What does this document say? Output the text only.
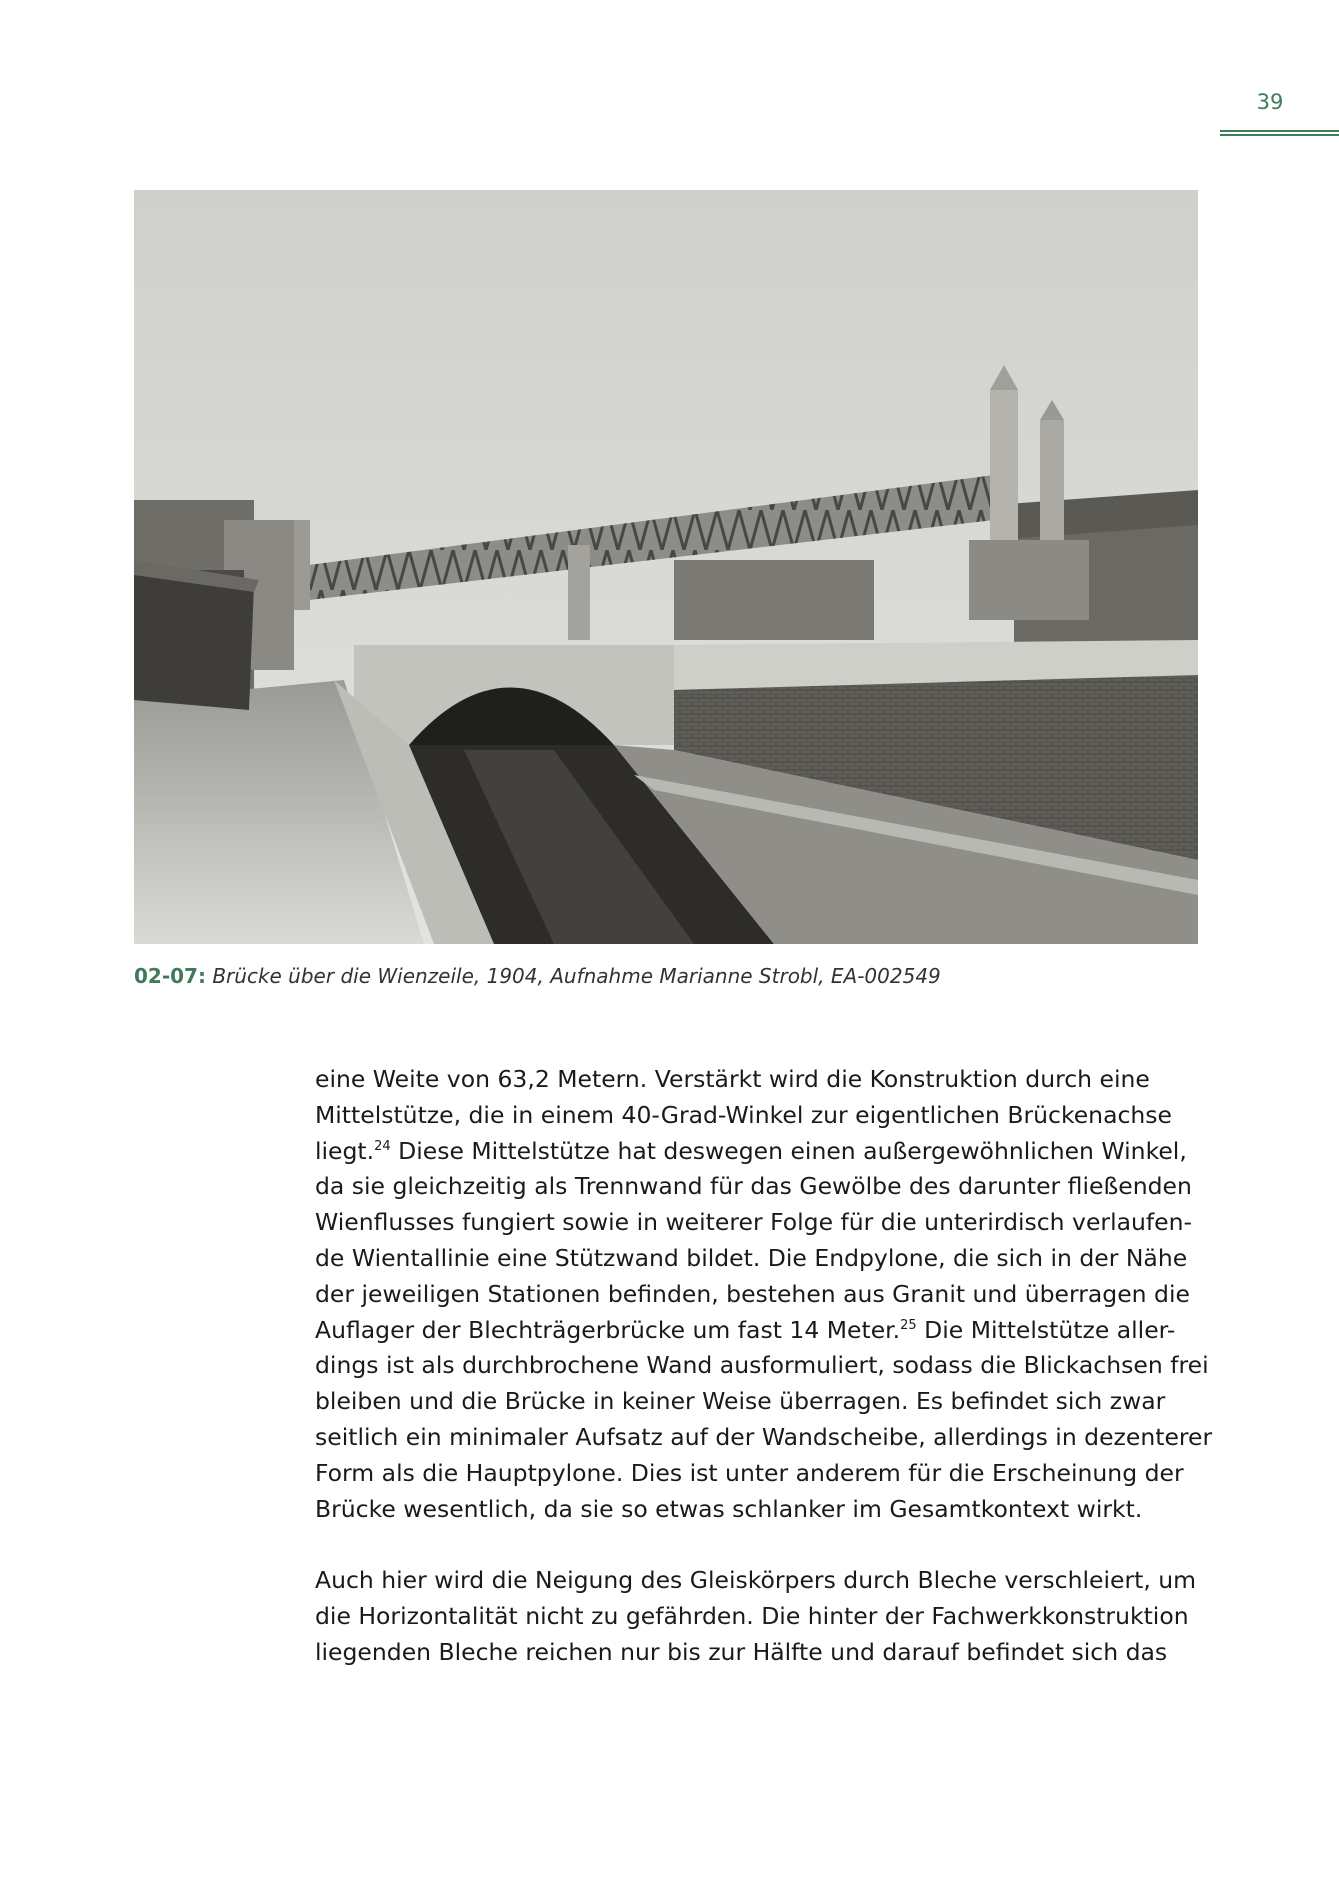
39
02-07: Brücke über die Wienzeile, 1904, Aufnahme Marianne Strobl, EA-002549
eine Weite von 63,2 Metern. Verstärkt wird die Konstruktion durch eine
Mittelstütze, die in einem 40-Grad-Winkel zur eigentlichen Brückenachse
liegt.$^{24}$ Diese Mittelstütze hat deswegen einen außergewöhnlichen Winkel,
da sie gleichzeitig als Trennwand für das Gewölbe des darunter fließenden
Wienflusses fungiert sowie in weiterer Folge für die unterirdisch verlaufen-
de Wientallinie eine Stützwand bildet. Die Endpylone, die sich in der Nähe
der jeweiligen Stationen befinden, bestehen aus Granit und überragen die
Auflager der Blechträgerbrücke um fast 14 Meter.$^{25}$ Die Mittelstütze aller-
dings ist als durchbrochene Wand ausformuliert, sodass die Blickachsen frei
bleiben und die Brücke in keiner Weise überragen. Es befindet sich zwar
seitlich ein minimaler Aufsatz auf der Wandscheibe, allerdings in dezenterer
Form als die Hauptpylone. Dies ist unter anderem für die Erscheinung der
Brücke wesentlich, da sie so etwas schlanker im Gesamtkontext wirkt.
Auch hier wird die Neigung des Gleiskörpers durch Bleche verschleiert, um
die Horizontalität nicht zu gefährden. Die hinter der Fachwerkkonstruktion
liegenden Bleche reichen nur bis zur Hälfte und darauf befindet sich das
